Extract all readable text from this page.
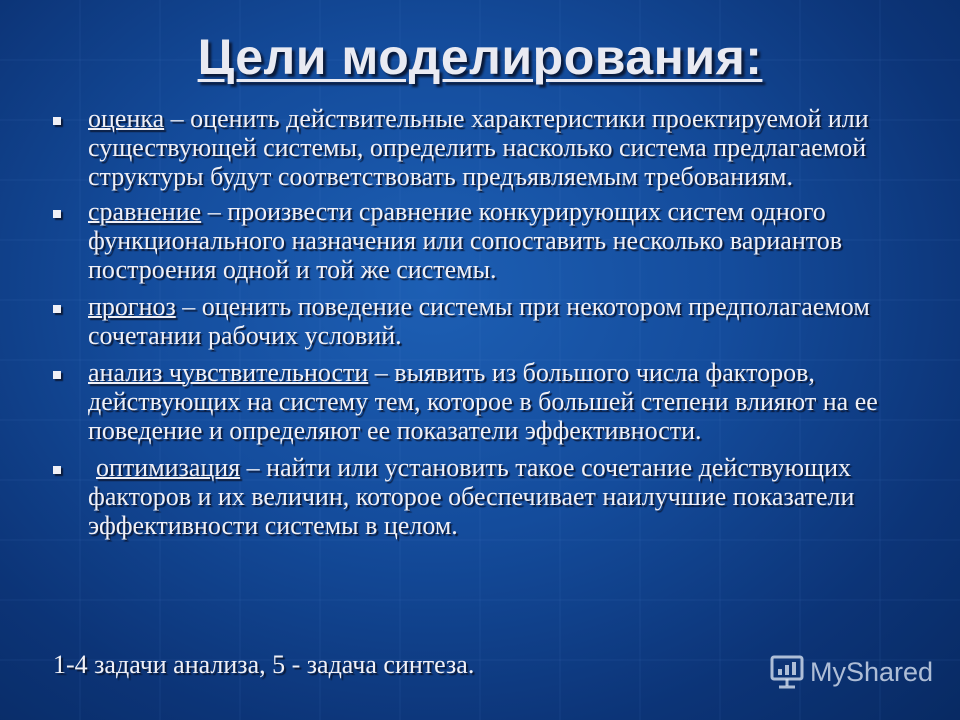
Цели моделирования:
оценка – оценить действительные характеристики проектируемой или существующей системы, определить насколько система предлагаемой структуры будут соответствовать предъявляемым требованиям.
сравнение – произвести сравнение конкурирующих систем одного функционального назначения или сопоставить несколько вариантов построения одной и той же системы.
прогноз – оценить поведение системы при некотором предполагаемом сочетании рабочих условий.
анализ чувствительности – выявить из большого числа факторов, действующих на систему тем, которое в большей степени влияют на ее поведение и определяют ее показатели эффективности.
оптимизация – найти или установить такое сочетание действующих факторов и их величин, которое обеспечивает наилучшие показатели эффективности системы в целом.
1-4 задачи анализа, 5 - задача синтеза.	MyShared
